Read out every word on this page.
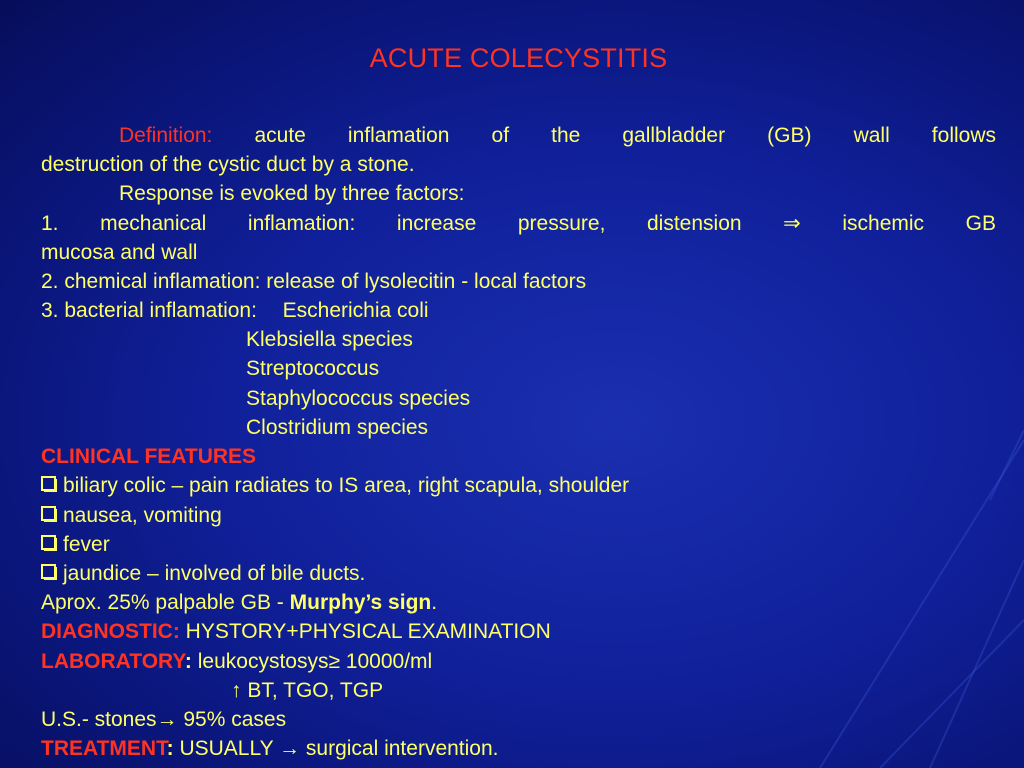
ACUTE COLECYSTITIS
Definition: acute inflamation of the gallbladder (GB) wall follows
destruction of the cystic duct by a stone.
Response is evoked by three factors:
1. mechanical inflamation: increase pressure, distension ⇒ ischemic GB
mucosa and wall
2. chemical inflamation: release of lysolecitin - local factors
3. bacterial inflamation: Escherichia coli
Klebsiella species
Streptococcus
Staphylococcus species
Clostridium species
CLINICAL FEATURES
biliary colic – pain radiates to IS area, right scapula, shoulder
nausea, vomiting
fever
jaundice – involved of bile ducts.
Aprox. 25% palpable GB - Murphy’s sign.
DIAGNOSTIC: HYSTORY+PHYSICAL EXAMINATION
LABORATORY: leukocystosys≥ 10000/ml
↑ BT, TGO, TGP
U.S.- stones→ 95% cases
TREATMENT: USUALLY → surgical intervention.
